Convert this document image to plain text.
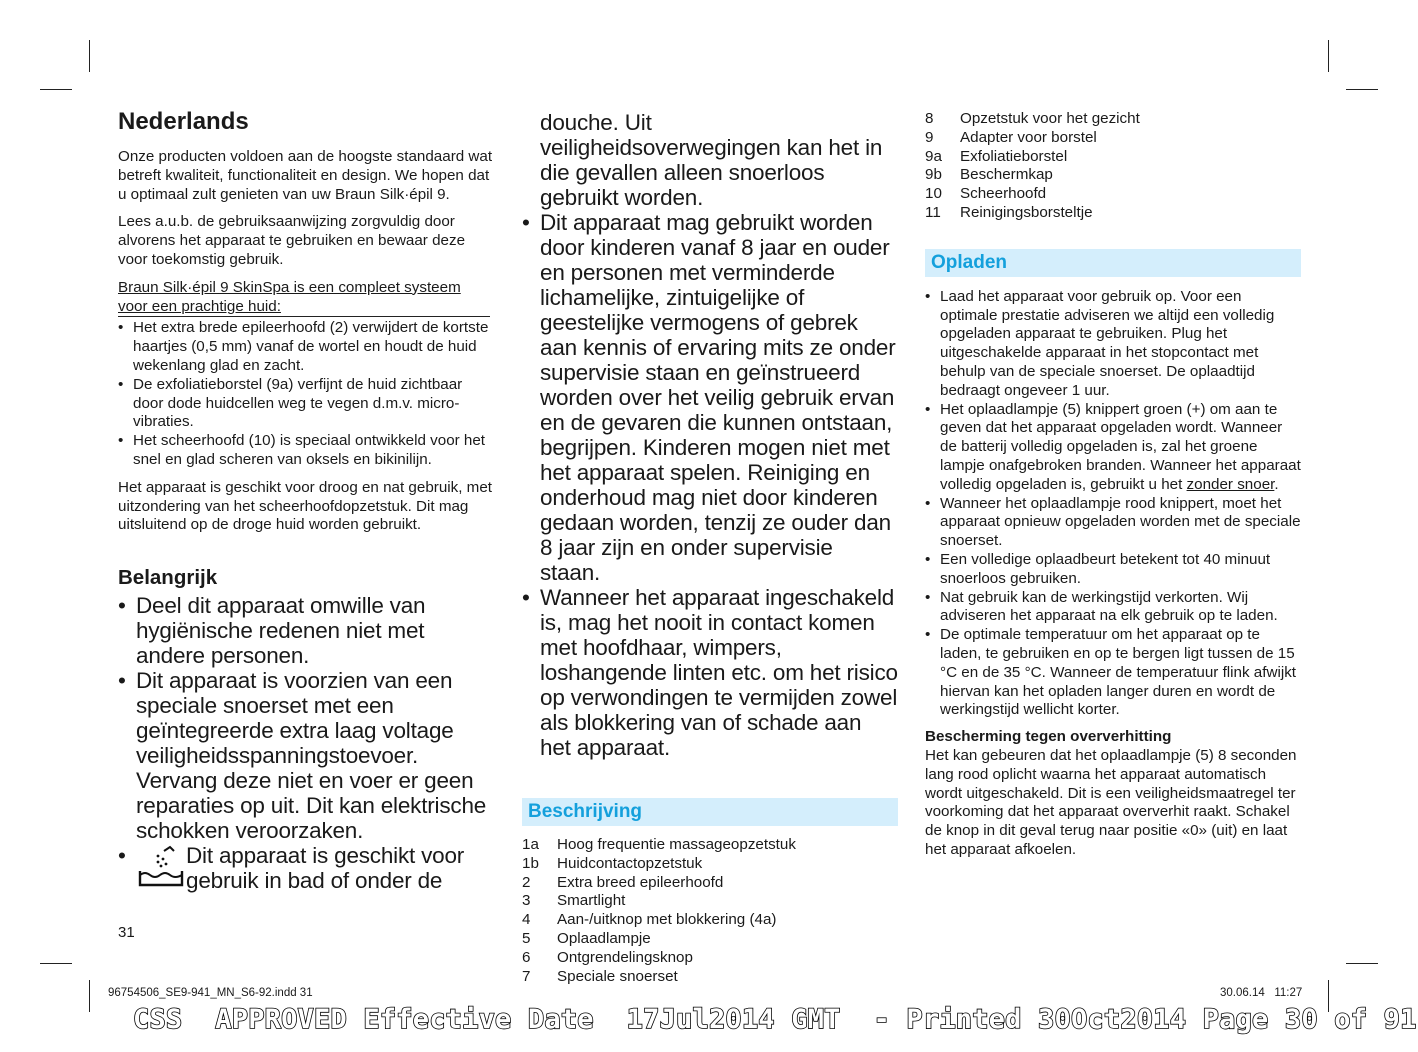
Nederlands

Onze producten voldoen aan de hoogste standaard wat betreft kwaliteit, functionaliteit en design. We hopen dat u optimaal zult genieten van uw Braun Silk·épil 9.

Lees a.u.b. de gebruiksaanwijzing zorgvuldig door alvorens het apparaat te gebruiken en bewaar deze voor toekomstig gebruik.

Braun Silk·épil 9 SkinSpa is een compleet systeem voor een prachtige huid:

• Het extra brede epileerhoofd (2) verwijdert de kortste haartjes (0,5 mm) vanaf de wortel en houdt de huid wekenlang glad en zacht.

• De exfoliatieborstel (9a) verfijnt de huid zichtbaar door dode huidcellen weg te vegen d.m.v. micro-vibraties.

• Het scheerhoofd (10) is speciaal ontwikkeld voor het snel en glad scheren van oksels en bikinilijn.

Het apparaat is geschikt voor droog en nat gebruik, met uitzondering van het scheerhoofdopzetstuk. Dit mag uitsluitend op de droge huid worden gebruikt.

Belangrijk

• Deel dit apparaat omwille van hygiënische redenen niet met andere personen.

• Dit apparaat is voorzien van een speciale snoerset met een geïntegreerde extra laag voltage veiligheidsspanningstoevoer. Vervang deze niet en voer er geen reparaties op uit. Dit kan elektrische schokken veroorzaken.

• Dit apparaat is geschikt voor gebruik in bad of onder de

douche. Uit veiligheidsoverwegingen kan het in die gevallen alleen snoerloos gebruikt worden.

• Dit apparaat mag gebruikt worden door kinderen vanaf 8 jaar en ouder en personen met verminderde lichamelijke, zintuigelijke of geestelijke vermogens of gebrek aan kennis of ervaring mits ze onder supervisie staan en geïnstrueerd worden over het veilig gebruik ervan en de gevaren die kunnen ontstaan, begrijpen. Kinderen mogen niet met het apparaat spelen. Reiniging en onderhoud mag niet door kinderen gedaan worden, tenzij ze ouder dan 8 jaar zijn en onder supervisie staan.

• Wanneer het apparaat ingeschakeld is, mag het nooit in contact komen met hoofdhaar, wimpers, loshangende linten etc. om het risico op verwondingen te vermijden zowel als blokkering van of schade aan het apparaat.

Beschrijving
1a	Hoog frequentie massageopzetstuk
1b	Huidcontactopzetstuk
2	Extra breed epileerhoofd
3	Smartlight
4	Aan-/uitknop met blokkering (4a)
5	Oplaadlampje
6	Ontgrendelingsknop
7	Speciale snoerset
8	Opzetstuk voor het gezicht
9	Adapter voor borstel
9a	Exfoliatieborstel
9b	Beschermkap
10	Scheerhoofd
11	Reinigingsborsteltje
Opladen

• Laad het apparaat voor gebruik op. Voor een optimale prestatie adviseren we altijd een volledig opgeladen apparaat te gebruiken. Plug het uitgeschakelde apparaat in het stopcontact met behulp van de speciale snoerset. De oplaadtijd bedraagt ongeveer 1 uur.

• Het oplaadlampje (5) knippert groen (+) om aan te geven dat het apparaat opgeladen wordt. Wanneer de batterij volledig opgeladen is, zal het groene lampje onafgebroken branden. Wanneer het apparaat volledig opgeladen is, gebruikt u het zonder snoer.

• Wanneer het oplaadlampje rood knippert, moet het apparaat opnieuw opgeladen worden met de speciale snoerset.

• Een volledige oplaadbeurt betekent tot 40 minuut snoerloos gebruiken.

• Nat gebruik kan de werkingstijd verkorten. Wij adviseren het apparaat na elk gebruik op te laden.

• De optimale temperatuur om het apparaat op te laden, te gebruiken en op te bergen ligt tussen de 15 °C en de 35 °C. Wanneer de temperatuur flink afwijkt hiervan kan het opladen langer duren en wordt de werkingstijd wellicht korter.

Bescherming tegen oververhitting

Het kan gebeuren dat het oplaadlampje (5) 8 seconden lang rood oplicht waarna het apparaat automatisch wordt uitgeschakeld. Dit is een veiligheidsmaatregel ter voorkoming dat het apparaat oververhit raakt. Schakel de knop in dit geval terug naar positie «0» (uit) en laat het apparaat afkoelen.

31
96754506_SE9-941_MN_S6-92.indd 31	30.06.14   11:27
CSS  APPROVED Effective Date  17Jul2014 GMT  - Printed 30Oct2014 Page 30 of 91
